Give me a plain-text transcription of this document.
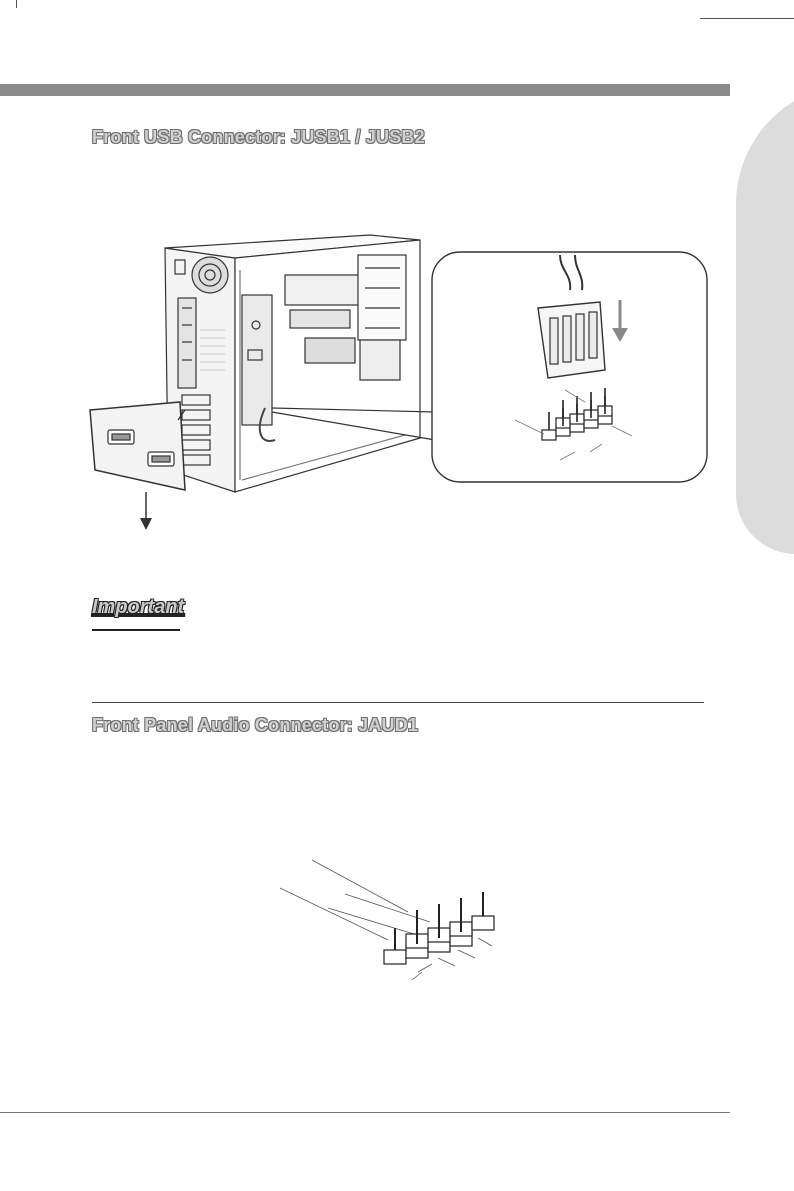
Front USB Connector: JUSB1 / JUSB2
Important
Front Panel Audio Connector: JAUD1
